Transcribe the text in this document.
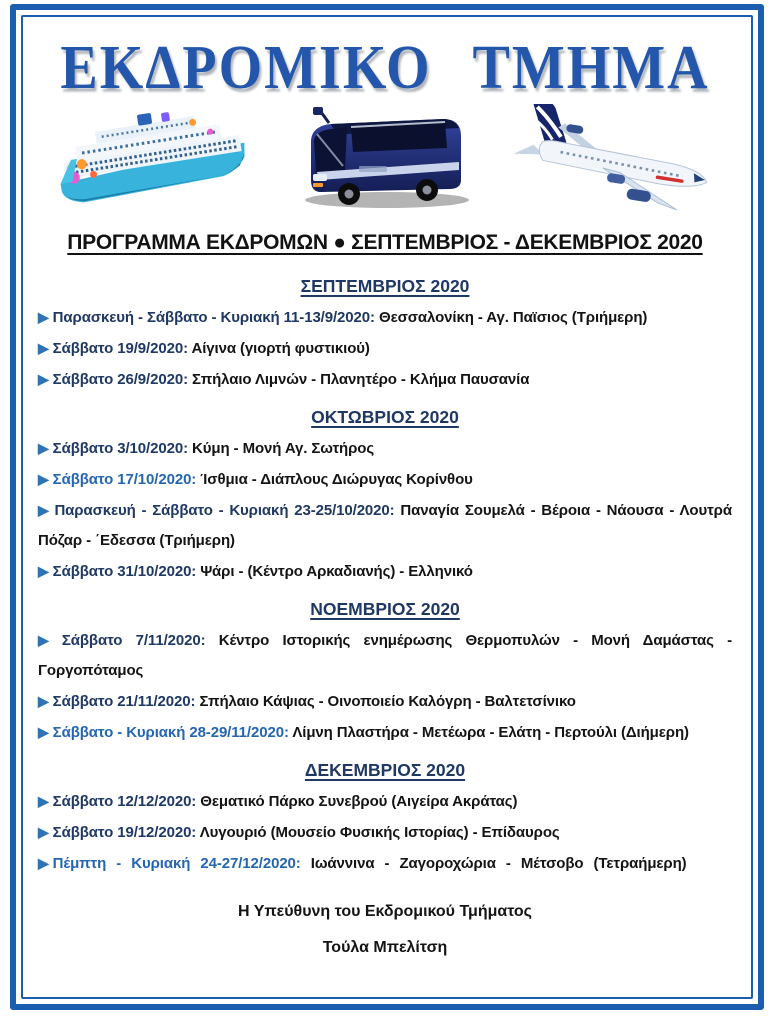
ΕΚΔΡΟΜΙΚΟ ΤΜΗΜΑ
ΠΡΟΓΡΑΜΜΑ ΕΚΔΡΟΜΩΝ ● ΣΕΠΤΕΜΒΡΙΟΣ - ΔΕΚΕΜΒΡΙΟΣ 2020
ΣΕΠΤΕΜΒΡΙΟΣ 2020

▶ Παρασκευή - Σάββατο - Κυριακή 11-13/9/2020: Θεσσαλονίκη - Αγ. Παϊσιος (Τριήμερη)

▶ Σάββατο 19/9/2020: Αίγινα (γιορτή φυστικιού)

▶ Σάββατο 26/9/2020: Σπήλαιο Λιμνών - Πλανητέρο - Κλήμα Παυσανία

ΟΚΤΩΒΡΙΟΣ 2020

▶ Σάββατο 3/10/2020: Κύμη - Μονή Αγ. Σωτήρος

▶ Σάββατο 17/10/2020: Ίσθμια - Διάπλους Διώρυγας Κορίνθου

▶ Παρασκευή - Σάββατο - Κυριακή 23-25/10/2020: Παναγία Σουμελά - Βέροια - Νάουσα - Λουτρά Πόζαρ - ΄Εδεσσα (Τριήμερη)

▶ Σάββατο 31/10/2020: Ψάρι - (Κέντρο Αρκαδιανής) - Ελληνικό

ΝΟΕΜΒΡΙΟΣ 2020

▶ Σάββατο 7/11/2020: Κέντρο Ιστορικής ενημέρωσης Θερμοπυλών - Μονή Δαμάστας - Γοργοπόταμος

▶ Σάββατο 21/11/2020: Σπήλαιο Κάψιας - Οινοποιείο Καλόγρη - Βαλτετσίνικο

▶ Σάββατο - Κυριακή 28-29/11/2020: Λίμνη Πλαστήρα - Μετέωρα - Ελάτη - Περτούλι (Διήμερη)

ΔΕΚΕΜΒΡΙΟΣ 2020

▶ Σάββατο 12/12/2020: Θεματικό Πάρκο Συνεβρού (Αιγείρα Ακράτας)

▶ Σάββατο 19/12/2020: Λυγουριό (Μουσείο Φυσικής Ιστορίας) - Επίδαυρος

▶ Πέμπτη - Κυριακή 24-27/12/2020: Ιωάννινα - Ζαγοροχώρια - Μέτσοβο (Τετραήμερη)

Η Υπεύθυνη του Εκδρομικού Τμήματος

Τούλα Μπελίτση
